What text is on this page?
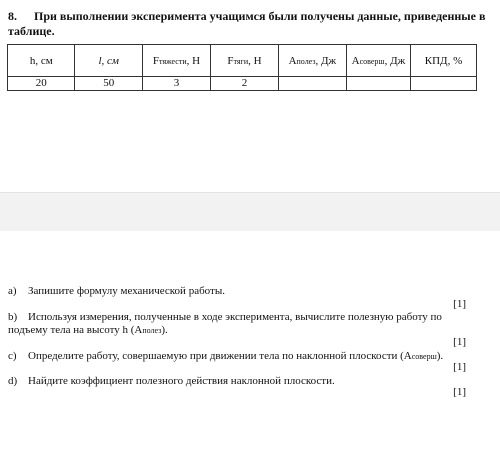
8. При выполнении эксперимента учащимся были получены данные, приведенные в таблице.
h, см	l, см	Fтяжести, Н	Fтяги, Н	Aполез, Дж	Aсоверш, Дж	КПД, %
20	50	3	2			
a) Запишите формулу механической работы.
[1]
b) Используя измерения, полученные в ходе эксперимента, вычислите полезную работу по подъему тела на высоту h (Aполез).
[1]
c) Определите работу, совершаемую при движении тела по наклонной плоскости (Aсоверш).
[1]
d) Найдите коэффициент полезного действия наклонной плоскости.
[1]
